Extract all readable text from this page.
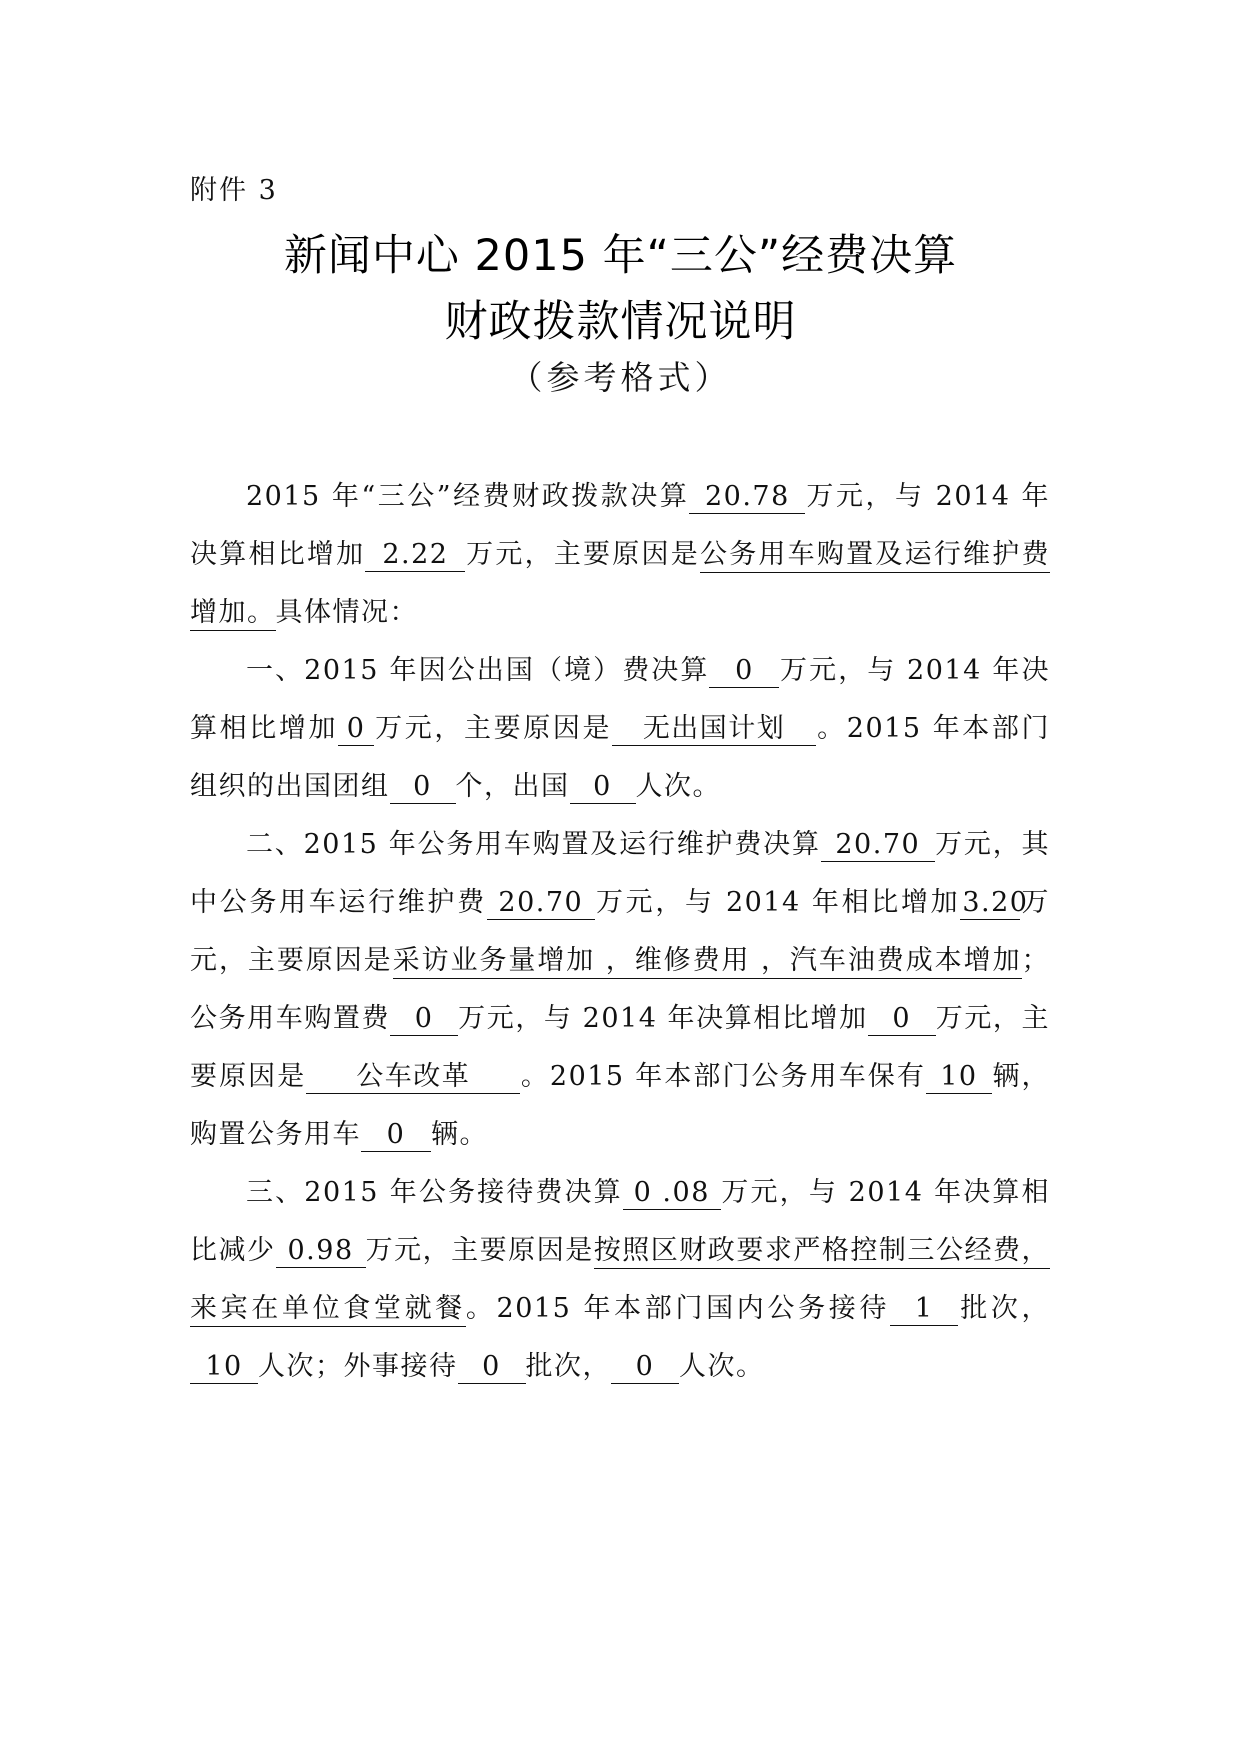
附件 3
新闻中心 2015 年“三公”经费决算
财政拨款情况说明
（参考格式）

2015 年“三公”经费财政拨款决算 20.78 万元，与 2014 年决算相比增加 2.22 万元，主要原因是公务用车购置及运行维护费增加。具体情况：

一、2015 年因公出国（境）费决算 0 万元，与 2014 年决算相比增加 0 万元，主要原因是 无出国计划 。2015 年本部门组织的出国团组 0 个，出国 0 人次。

二、2015 年公务用车购置及运行维护费决算 20.70 万元，其中公务用车运行维护费 20.70 万元，与 2014 年相比增加3.20万元，主要原因是采访业务量增加 ，维修费用 ，汽车油费成本增加；公务用车购置费 0 万元，与 2014 年决算相比增加 0 万元，主要原因是 公车改革 。2015 年本部门公务用车保有 10 辆，购置公务用车 0 辆。

三、2015 年公务接待费决算 0 .08 万元，与 2014 年决算相比减少 0.98 万元，主要原因是按照区财政要求严格控制三公经费，来宾在单位食堂就餐。2015 年本部门国内公务接待 1 批次，10 人次；外事接待 0 批次， 0 人次。
